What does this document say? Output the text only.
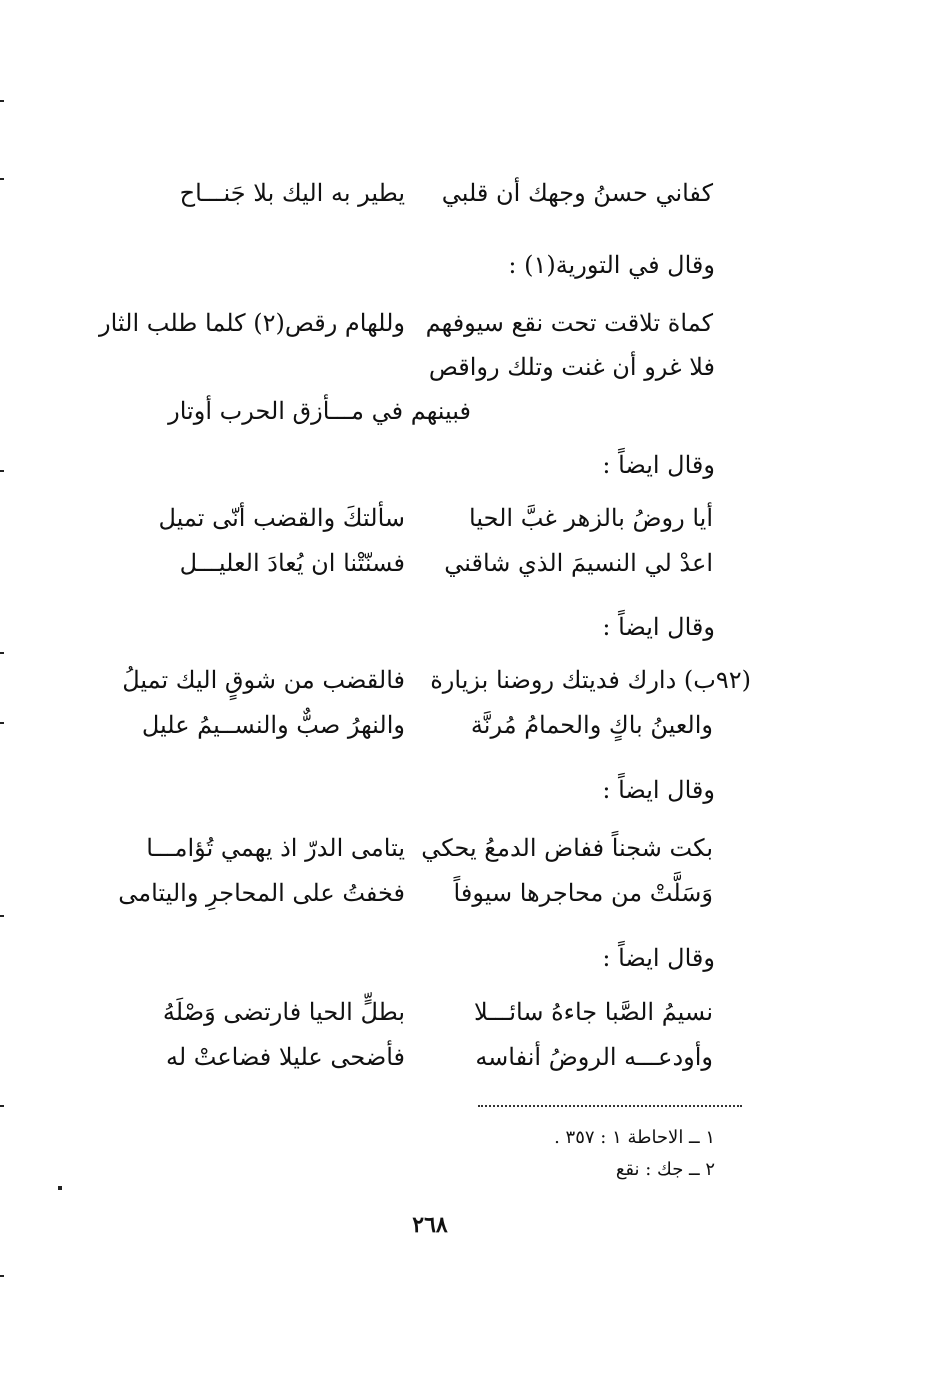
كفاني حسنُ وجهك أن قلبي
يطير به اليك بلا جَنـــاح
وقال في التورية(١) :
كماة تلاقت تحت نقع سيوفهم
وللهام رقص(٢) كلما طلب الثار
فلا غرو أن غنت وتلك رواقص
فبينهم في مـــأزق الحرب أوتار
وقال ايضاً :
أيا روضُ بالزهر غبَّ الحيا
سألتكَ والقضب أنّى تميل
اعدْ لي النسيمَ الذي شاقني
فسنّتْنا ان يُعادَ العليـــل
وقال ايضاً :
(٩٢ب) دارك فديتك روضنا بزيارة
فالقضب من شوقٍ اليك تميلُ
والعينُ باكٍ والحمامُ مُرنَّة
والنهرُ صبٌّ والنســيمُ عليل
وقال ايضاً :
بكت شجناً ففاض الدمعُ يحكي
يتامى الدرّ اذ يهمي تُؤامـــا
وَسَلَّتْ من محاجرها سيوفاً
فخفتُ على المحاجرِ واليتامى
وقال ايضاً :
نسيمُ الصَّبا جاءهُ سائـــلا
بطلٍّ الحيا فارتضى وَصْلَهُ
وأودعـــه الروضُ أنفاسه
فأضحى عليلا فضاعتْ له
١ ــ الاحاطة ١ : ٣٥٧ .
٢ ــ جك : نقع
٢٦٨
